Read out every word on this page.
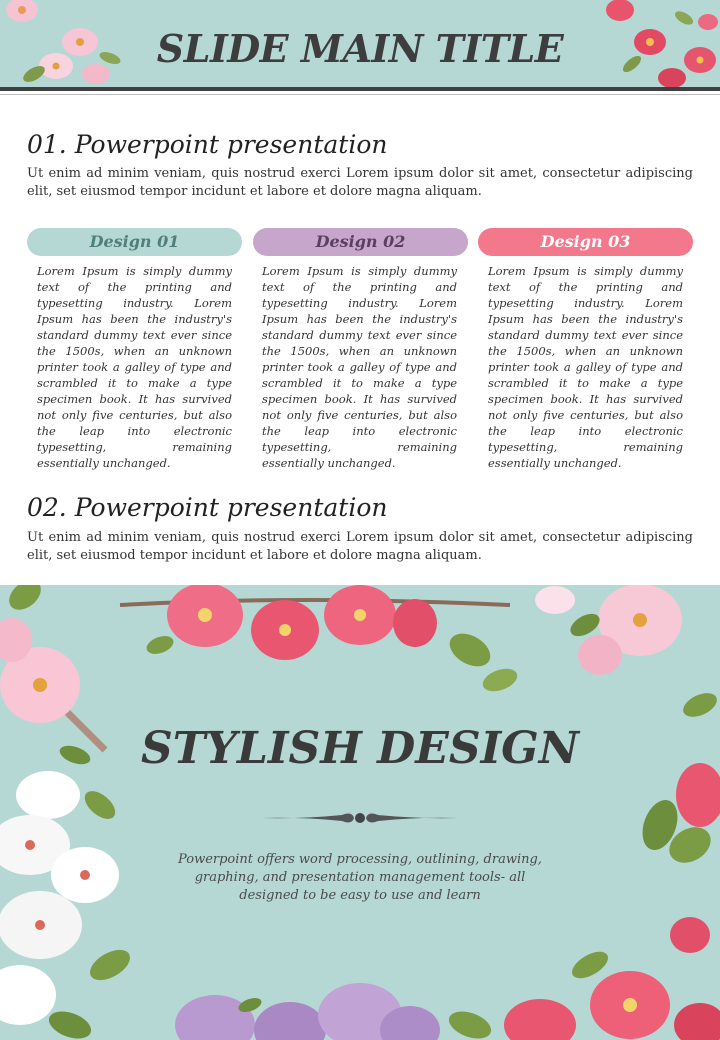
SLIDE MAIN TITLE
01. Powerpoint presentation
Ut enim ad minim veniam, quis nostrud exerci Lorem ipsum dolor sit amet, consectetur adipiscing elit, set eiusmod tempor incidunt et labore et dolore magna aliquam.
Design 01	Design 02	Design 03
Lorem Ipsum is simply dummy text of the printing and typesetting industry. Lorem Ipsum has been the industry's standard dummy text ever since the 1500s, when an unknown printer took a galley of type and scrambled it to make a type specimen book. It has survived not only five centuries, but also the leap into electronic typesetting, remaining essentially unchanged.
Lorem Ipsum is simply dummy text of the printing and typesetting industry. Lorem Ipsum has been the industry's standard dummy text ever since the 1500s, when an unknown printer took a galley of type and scrambled it to make a type specimen book. It has survived not only five centuries, but also the leap into electronic typesetting, remaining essentially unchanged.
Lorem Ipsum is simply dummy text of the printing and typesetting industry. Lorem Ipsum has been the industry's standard dummy text ever since the 1500s, when an unknown printer took a galley of type and scrambled it to make a type specimen book. It has survived not only five centuries, but also the leap into electronic typesetting, remaining essentially unchanged.
02. Powerpoint presentation
Ut enim ad minim veniam, quis nostrud exerci Lorem ipsum dolor sit amet, consectetur adipiscing elit, set eiusmod tempor incidunt et labore et dolore magna aliquam.
STYLISH DESIGN
Powerpoint offers word processing, outlining, drawing, graphing, and presentation management tools- all designed to be easy to use and learn
